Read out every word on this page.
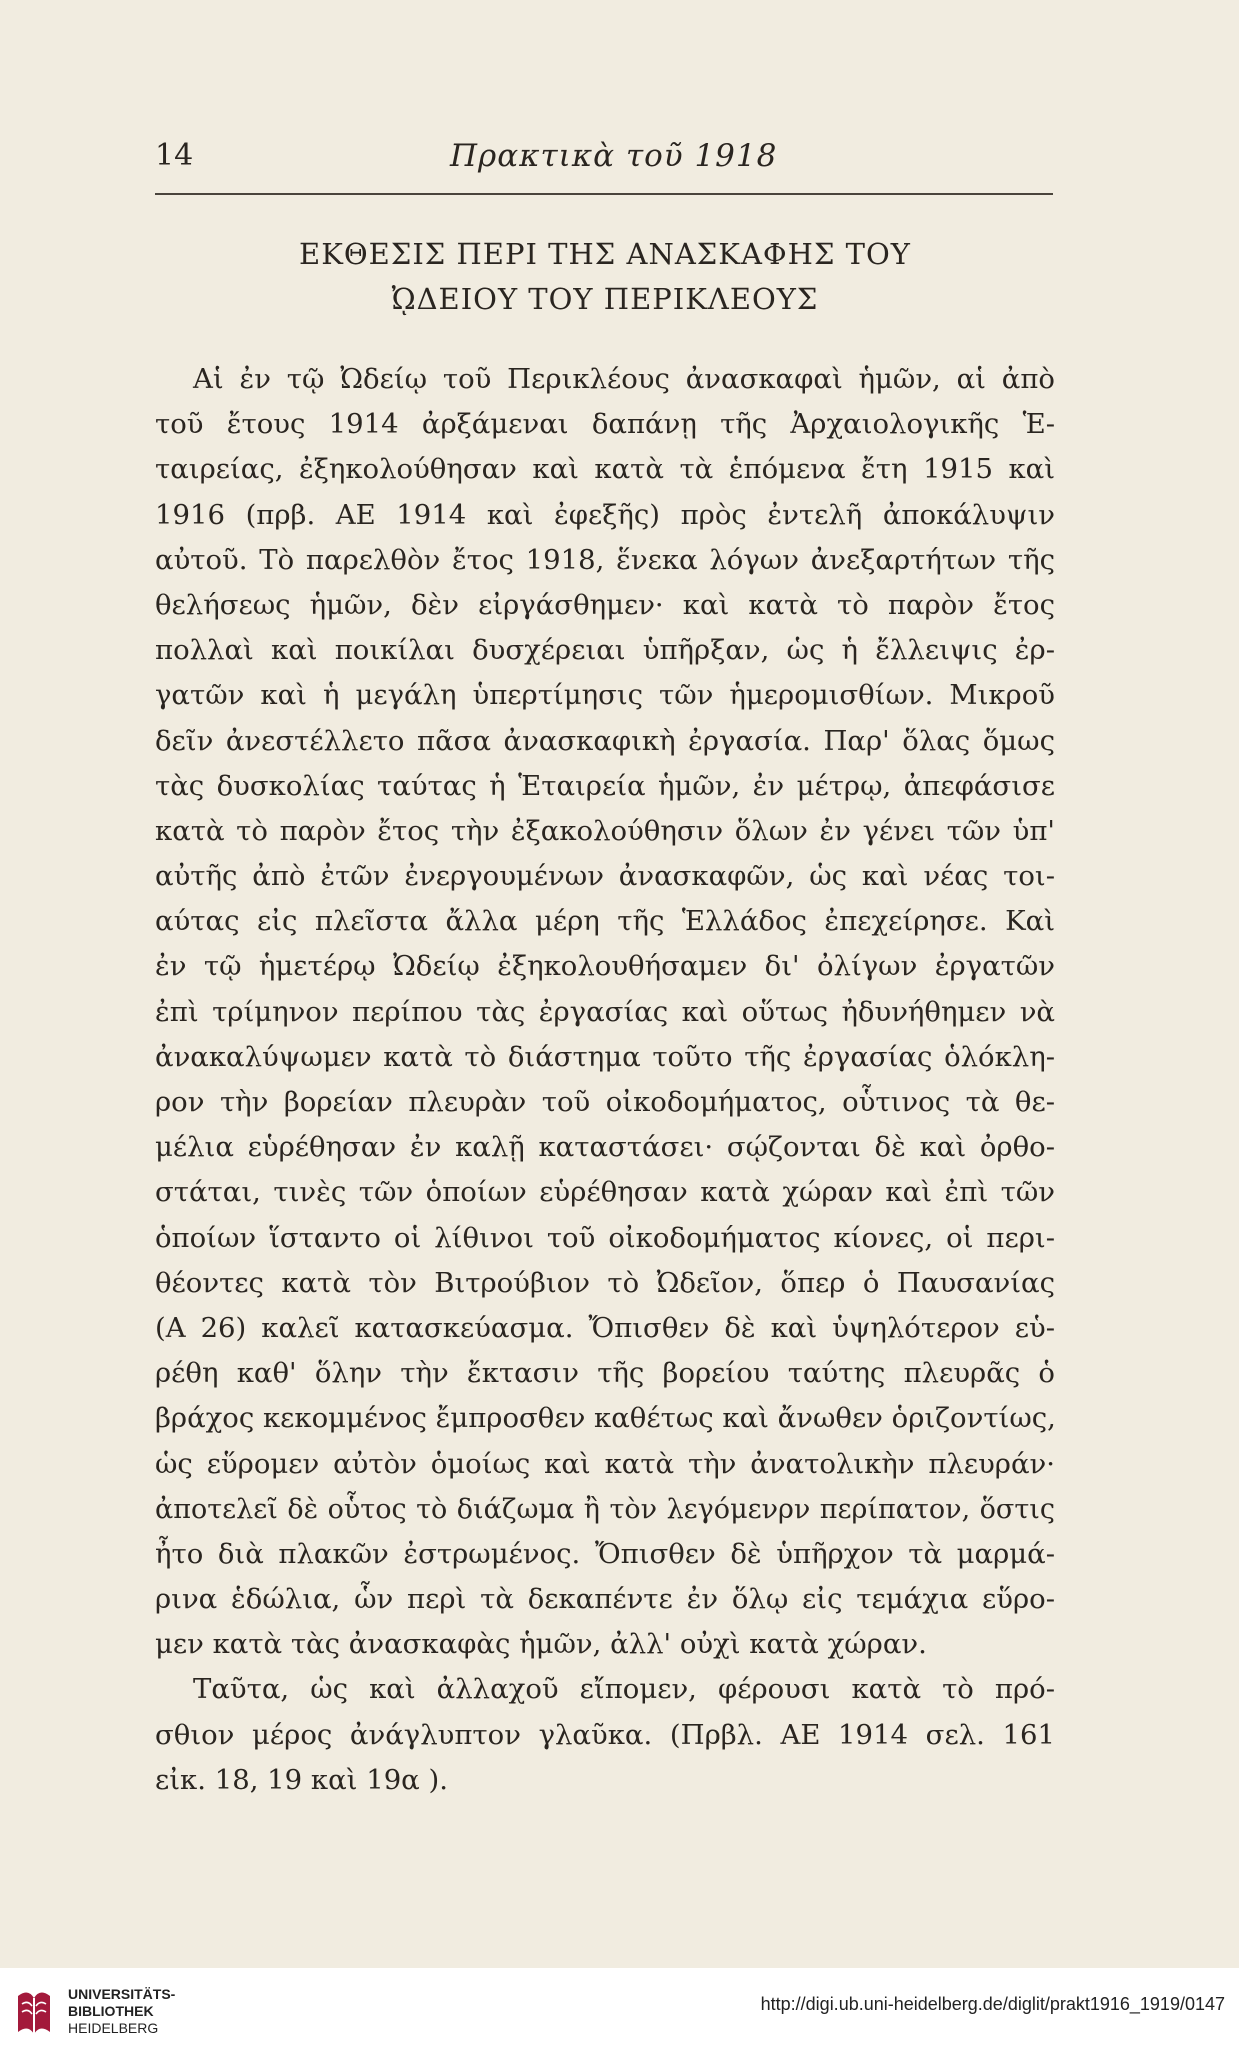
14	Πρακτικὰ τοῦ 1918
ΕΚΘΕΣΙΣ ΠΕΡΙ ΤΗΣ ΑΝΑΣΚΑΦΗΣ ΤΟΥ
ᾨΔΕΙΟΥ ΤΟΥ ΠΕΡΙΚΛΕΟΥΣ
Αἱ ἐν τῷ Ὠδείῳ τοῦ Περικλέους ἀνασκαφαὶ ἡμῶν, αἱ ἀπὸ
τοῦ ἔτους 1914 ἀρξάμεναι δαπάνῃ τῆς Ἀρχαιολογικῆς Ἑ-
ταιρείας, ἐξηκολούθησαν καὶ κατὰ τὰ ἑπόμενα ἔτη 1915 καὶ
1916 (πρβ. ΑΕ 1914 καὶ ἐφεξῆς) πρὸς ἐντελῆ ἀποκάλυψιν
αὐτοῦ. Τὸ παρελθὸν ἔτος 1918, ἕνεκα λόγων ἀνεξαρτήτων τῆς
θελήσεως ἡμῶν, δὲν εἰργάσθημεν· καὶ κατὰ τὸ παρὸν ἔτος
πολλαὶ καὶ ποικίλαι δυσχέρειαι ὑπῆρξαν, ὡς ἡ ἔλλειψις ἐρ-
γατῶν καὶ ἡ μεγάλη ὑπερτίμησις τῶν ἡμερομισθίων. Μικροῦ
δεῖν ἀνεστέλλετο πᾶσα ἀνασκαφικὴ ἐργασία. Παρ' ὅλας ὅμως
τὰς δυσκολίας ταύτας ἡ Ἑταιρεία ἡμῶν, ἐν μέτρῳ, ἀπεφάσισε
κατὰ τὸ παρὸν ἔτος τὴν ἐξακολούθησιν ὅλων ἐν γένει τῶν ὑπ'
αὐτῆς ἀπὸ ἐτῶν ἐνεργουμένων ἀνασκαφῶν, ὡς καὶ νέας τοι-
αύτας εἰς πλεῖστα ἄλλα μέρη τῆς Ἑλλάδος ἐπεχείρησε. Καὶ
ἐν τῷ ἡμετέρῳ Ὠδείῳ ἐξηκολουθήσαμεν δι' ὀλίγων ἐργατῶν
ἐπὶ τρίμηνον περίπου τὰς ἐργασίας καὶ οὕτως ἠδυνήθημεν νὰ
ἀνακαλύψωμεν κατὰ τὸ διάστημα τοῦτο τῆς ἐργασίας ὁλόκλη-
ρον τὴν βορείαν πλευρὰν τοῦ οἰκοδομήματος, οὗτινος τὰ θε-
μέλια εὑρέθησαν ἐν καλῇ καταστάσει· σῴζονται δὲ καὶ ὀρθο-
στάται, τινὲς τῶν ὁποίων εὑρέθησαν κατὰ χώραν καὶ ἐπὶ τῶν
ὁποίων ἵσταντο οἱ λίθινοι τοῦ οἰκοδομήματος κίονες, οἱ περι-
θέοντες κατὰ τὸν Βιτρούβιον τὸ Ὠδεῖον, ὅπερ ὁ Παυσανίας
(Α 26) καλεῖ κατασκεύασμα. Ὄπισθεν δὲ καὶ ὑψηλότερον εὑ-
ρέθη καθ' ὅλην τὴν ἔκτασιν τῆς βορείου ταύτης πλευρᾶς ὁ
βράχος κεκομμένος ἔμπροσθεν καθέτως καὶ ἄνωθεν ὁριζοντίως,
ὡς εὕρομεν αὐτὸν ὁμοίως καὶ κατὰ τὴν ἀνατολικὴν πλευράν·
ἀποτελεῖ δὲ οὗτος τὸ διάζωμα ἢ τὸν λεγόμενρν περίπατον, ὅστις
ἦτο διὰ πλακῶν ἐστρωμένος. Ὄπισθεν δὲ ὑπῆρχον τὰ μαρμά-
ρινα ἑδώλια, ὧν περὶ τὰ δεκαπέντε ἐν ὅλῳ εἰς τεμάχια εὕρο-
μεν κατὰ τὰς ἀνασκαφὰς ἡμῶν, ἀλλ' οὐχὶ κατὰ χώραν.
Ταῦτα, ὡς καὶ ἀλλαχοῦ εἴπομεν, φέρουσι κατὰ τὸ πρό-
σθιον μέρος ἀνάγλυπτον γλαῦκα. (Πρβλ. ΑΕ 1914 σελ. 161
εἰκ. 18, 19 καὶ 19α ).
UNIVERSITÄTS-
BIBLIOTHEK
HEIDELBERG
http://digi.ub.uni-heidelberg.de/diglit/prakt1916_1919/0147
